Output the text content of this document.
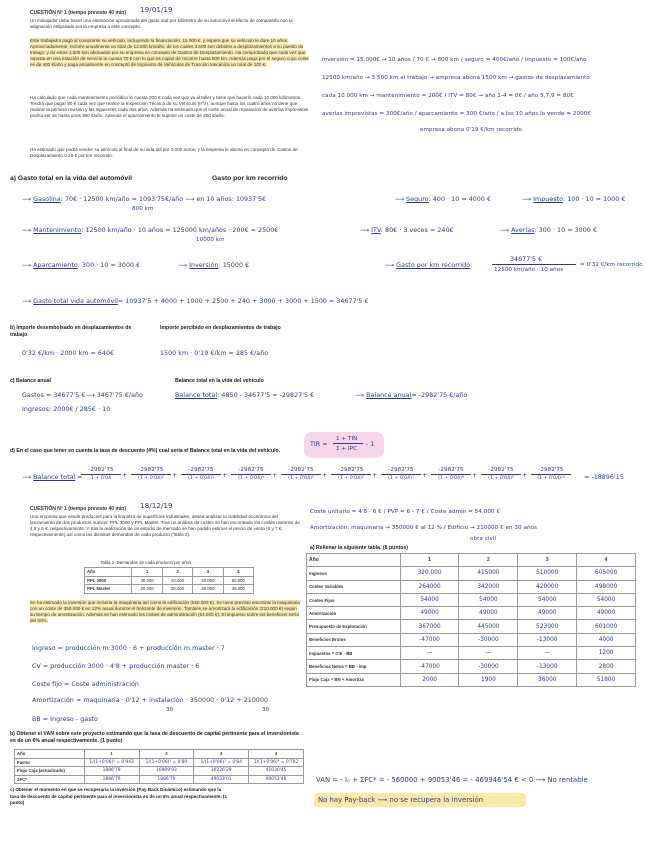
CUESTIÓN Nº 1 (tiempo previsto 40 min) 19/01/19
Un trabajador debe hacer una estimación aproximada del gasto real por kilómetro de su automóvil al efecto de compararlo con la asignación estipulada por la empresa a este concepto.
Este trabajador pagó al comprarse su vehículo, incluyendo la financiación, 15.000 €, y espera que su vehículo le dure 10 años. Aproximadamente, recorre anualmente un total de 12.500 km/año, de los cuales 3.500 son debidos a desplazamientos a su puesto de trabajo, y de estos 1.500 son abonados por su empresa en concepto de Gastos de Desplazamiento. Ha comprobado que cada vez que reposta en una estación de servicio le cuesta 70 € con lo que es capaz de recorrer hasta 800 km. Además paga por el seguro cuyo coste es de 400 €/año y paga anualmente en concepto de Impuesto de Vehículos de Tracción Mecánica un total de 100 €.
Ha calculado que cada mantenimiento periódico le cuesta 200 € cada vez que va al taller y tiene que hacerlo cada 10.000 kilómetros. Tendrá que pagar 80 € cada vez que realice la Inspección Técnica de su Vehículo (ITV), aunque hasta los cuatro años no tiene que realizar la primera revisión y las siguientes cada dos años. Además ha estimado que el coste anual de reparación de averías imprevistas podría ser de hasta unos 300 €/año. Además el aparcamiento le supone un coste de 300 €/año.
Ha estimado que podrá vender su vehículo al final de su vida útil por 2.000 euros, y la empresa le abona en concepto de Gastos de Desplazamiento 0,19 € por km recorrido.
inversión = 15.000€ → 10 años / 70 € → 800 km / seguro = 400€/año / impuesto = 100€/año
12500 km/año → 3.500 km al trabajo → empresa abona 1500 km → gastos de desplazamiento
cada 10.000 km → mantenimiento = 200€ / ITV = 80€ → año 1-4 = 0€ / año 5,7,9 = 80€
averías imprevistas = 300€/año / aparcamiento = 300 €/año / a los 10 años lo vende = 2000€
empresa abona 0'19 €/km recorrido
a) Gasto total en la vida del automóvil	Gasto por km recorrido
⟶ Gasolina: 70€ · 12500 km/año = 1093'75€/año ⟶ en 10 años: 10937'5€
800 km
⟶ Seguro: 400 · 10 = 4000 €	⟶ Impuesto: 100 · 10 = 1000 €
⟶ Mantenimiento: 12500 km/año · 10 años = 125000 km/años · 200€ = 2500€
10000 km
⟶ ITV: 80€ · 3 veces = 240€	⟶ Averías: 300 · 10 = 3000 €
⟶ Aparcamiento: 300 · 10 = 3000 €	⟶ Inversión: 15000 €	⟶ Gasto por km recorrido:
34677'5 €
12500 km/año · 10 años
= 0'32 €/km recorrido
⟶ Gasto total vida automóvil= 10937'5 + 4000 + 1000 + 2500 + 240 + 3000 + 3000 + 1500 = 34677'5 €
b) Importe desembolsado en desplazamientos de trabajo
Importe percibido en desplazamientos de trabajo
0'32 €/km · 2000 km = 640€	1500 km · 0'19 €/km = 285 €/año
c) Balance anual	Balance total en la vida del vehículo
Gastos = 34677'5 €⟶ 3467'75 €/año
Ingresos: 2000€ / 285€ · 10
Balance total: 4850 - 34677'5 = -29827'5 €	⟶ Balance anual= -2982'75 €/año
TIR =
1 + TIN
1 + IPC
- 1
d) En el caso que tener en cuenta la tasa de descuento (4%) cual sería el Balance total en la vida del vehículo.
⟶ Balance total =
-2982'75
1 + 0'04	+
-2982'75
(1 + 0'04)²	+
-2982'75
(1 + 0'04)³	+
-2982'75
(1 + 0'04)⁴	+
-2982'75
(1 + 0'04)⁵	+
-2982'75
(1 + 0'04)⁶	+
-2982'75
(1 + 0'04)⁷	+
-2982'75
(1 + 0'04)⁸	+
-2982'75
(1 + 0'04)⁹	+
-2982'75
(1 + 0'04)¹⁰	= -18896'15
CUESTIÓN Nº 1 (tiempo previsto 40 min) 18/12/19
Una empresa que vende productos para la limpieza de superficies industriales, desea analizar la viabilidad económica del lanzamiento de dos productos nuevos: PPL 3000 y PPL Master. Tras un análisis de costes se han encontrado los costes unitarios de 4,8 y 6 €, respectivamente. Y tras la realización de un estudio de mercado se han podido estimar el precio de venta (6 y 7 €, respectivamente) así como las distintas demandas de cada producto (Tabla 2).
Tabla 2. Demandas de cada producto por años.
Año	1	2	3	4
PPL 3000	30.000	40.000	50.000	60.000
PPL Master	20.000	25.000	30.000	35.000
Se ha estimado la inversión que incluiría la maquinaria así como la edificación (560.000 €). Se tiene previsto amortizar la maquinaria con un coste de 350.000 € en 12% anual durante el horizonte de inversión. También se amortizará la edificación (210.000 €) según su tiempo de amortización. Además se han estimado los costes de administración (54.000 €). El impuesto sobre los beneficios sería del 30%.
Coste unitario = 4'8 - 6 € / PVP = 6 - 7 € / Coste admin = 54.000 €
Amortización: maquinaria → 350000 € al 12 % / Edificio → 210000 € en 30 años
obra civil
Ingreso = producción m.3000 · 6 + producción m.master · 7
CV = producción 3000 · 4'8 + producción master · 6
Coste fijo = Coste administración
Amortización = maquinaria · 0'12 + instalación · 350000 · 0'12 + 210000
30	30
BB = Ingreso - gasto
a) Rellenar la siguiente tabla. (8 puntos)
Año	1	2	3	4
Ingresos	320.000	415000	510000	605000
Costes Variables	264000	342000	420000	498000
Costes Fijos	54000	54000	54000	54000
Amortización	49000	49000	49000	49000
Presupuesto de Explotación	367000	445000	523000	601000
Beneficios Brutos	-47000	-30000	-13000	4000
Impuestos = 0'3/ · BB	—	—	—	1200
Beneficios Netos = BB - imp	-47000	-30000	-13000	2800
Flujo Caja = BN + Amortiza	2000	1900	36000	51800
b) Obtener el VAN sobre este proyecto estimando que la tasa de descuento de capital pertinente para el inversionista es de un 6% anual respectivamente. (1 punto)
Año	1	2	3	4
Factor	1/(1+0'06)¹ = 0'943	1/(1+0'06)² = 0'89	1/(1+0'06)³ = 0'84	1/(1+0'06)⁴ = 0'792
Flujo Caja (actualizado)	1886'79	16909'93	30226'29	41030'45
ΣFC*	1886'79	1886'79	49023'01	90053'46
c) Obtener el momento en que se recuperaría la inversión (Pay Back Dinámico) estimando que la tasa de descuento de capital pertinente para el inversionista es de un 6% anual respectivamente. (1 punto)
VAN = - I₀ + ΣFC* = - 560000 + 90053'46 = - 469946'54 € < 0 ⟶ No rentable
No hay Pay-back ⟶ no se recupera la inversión
